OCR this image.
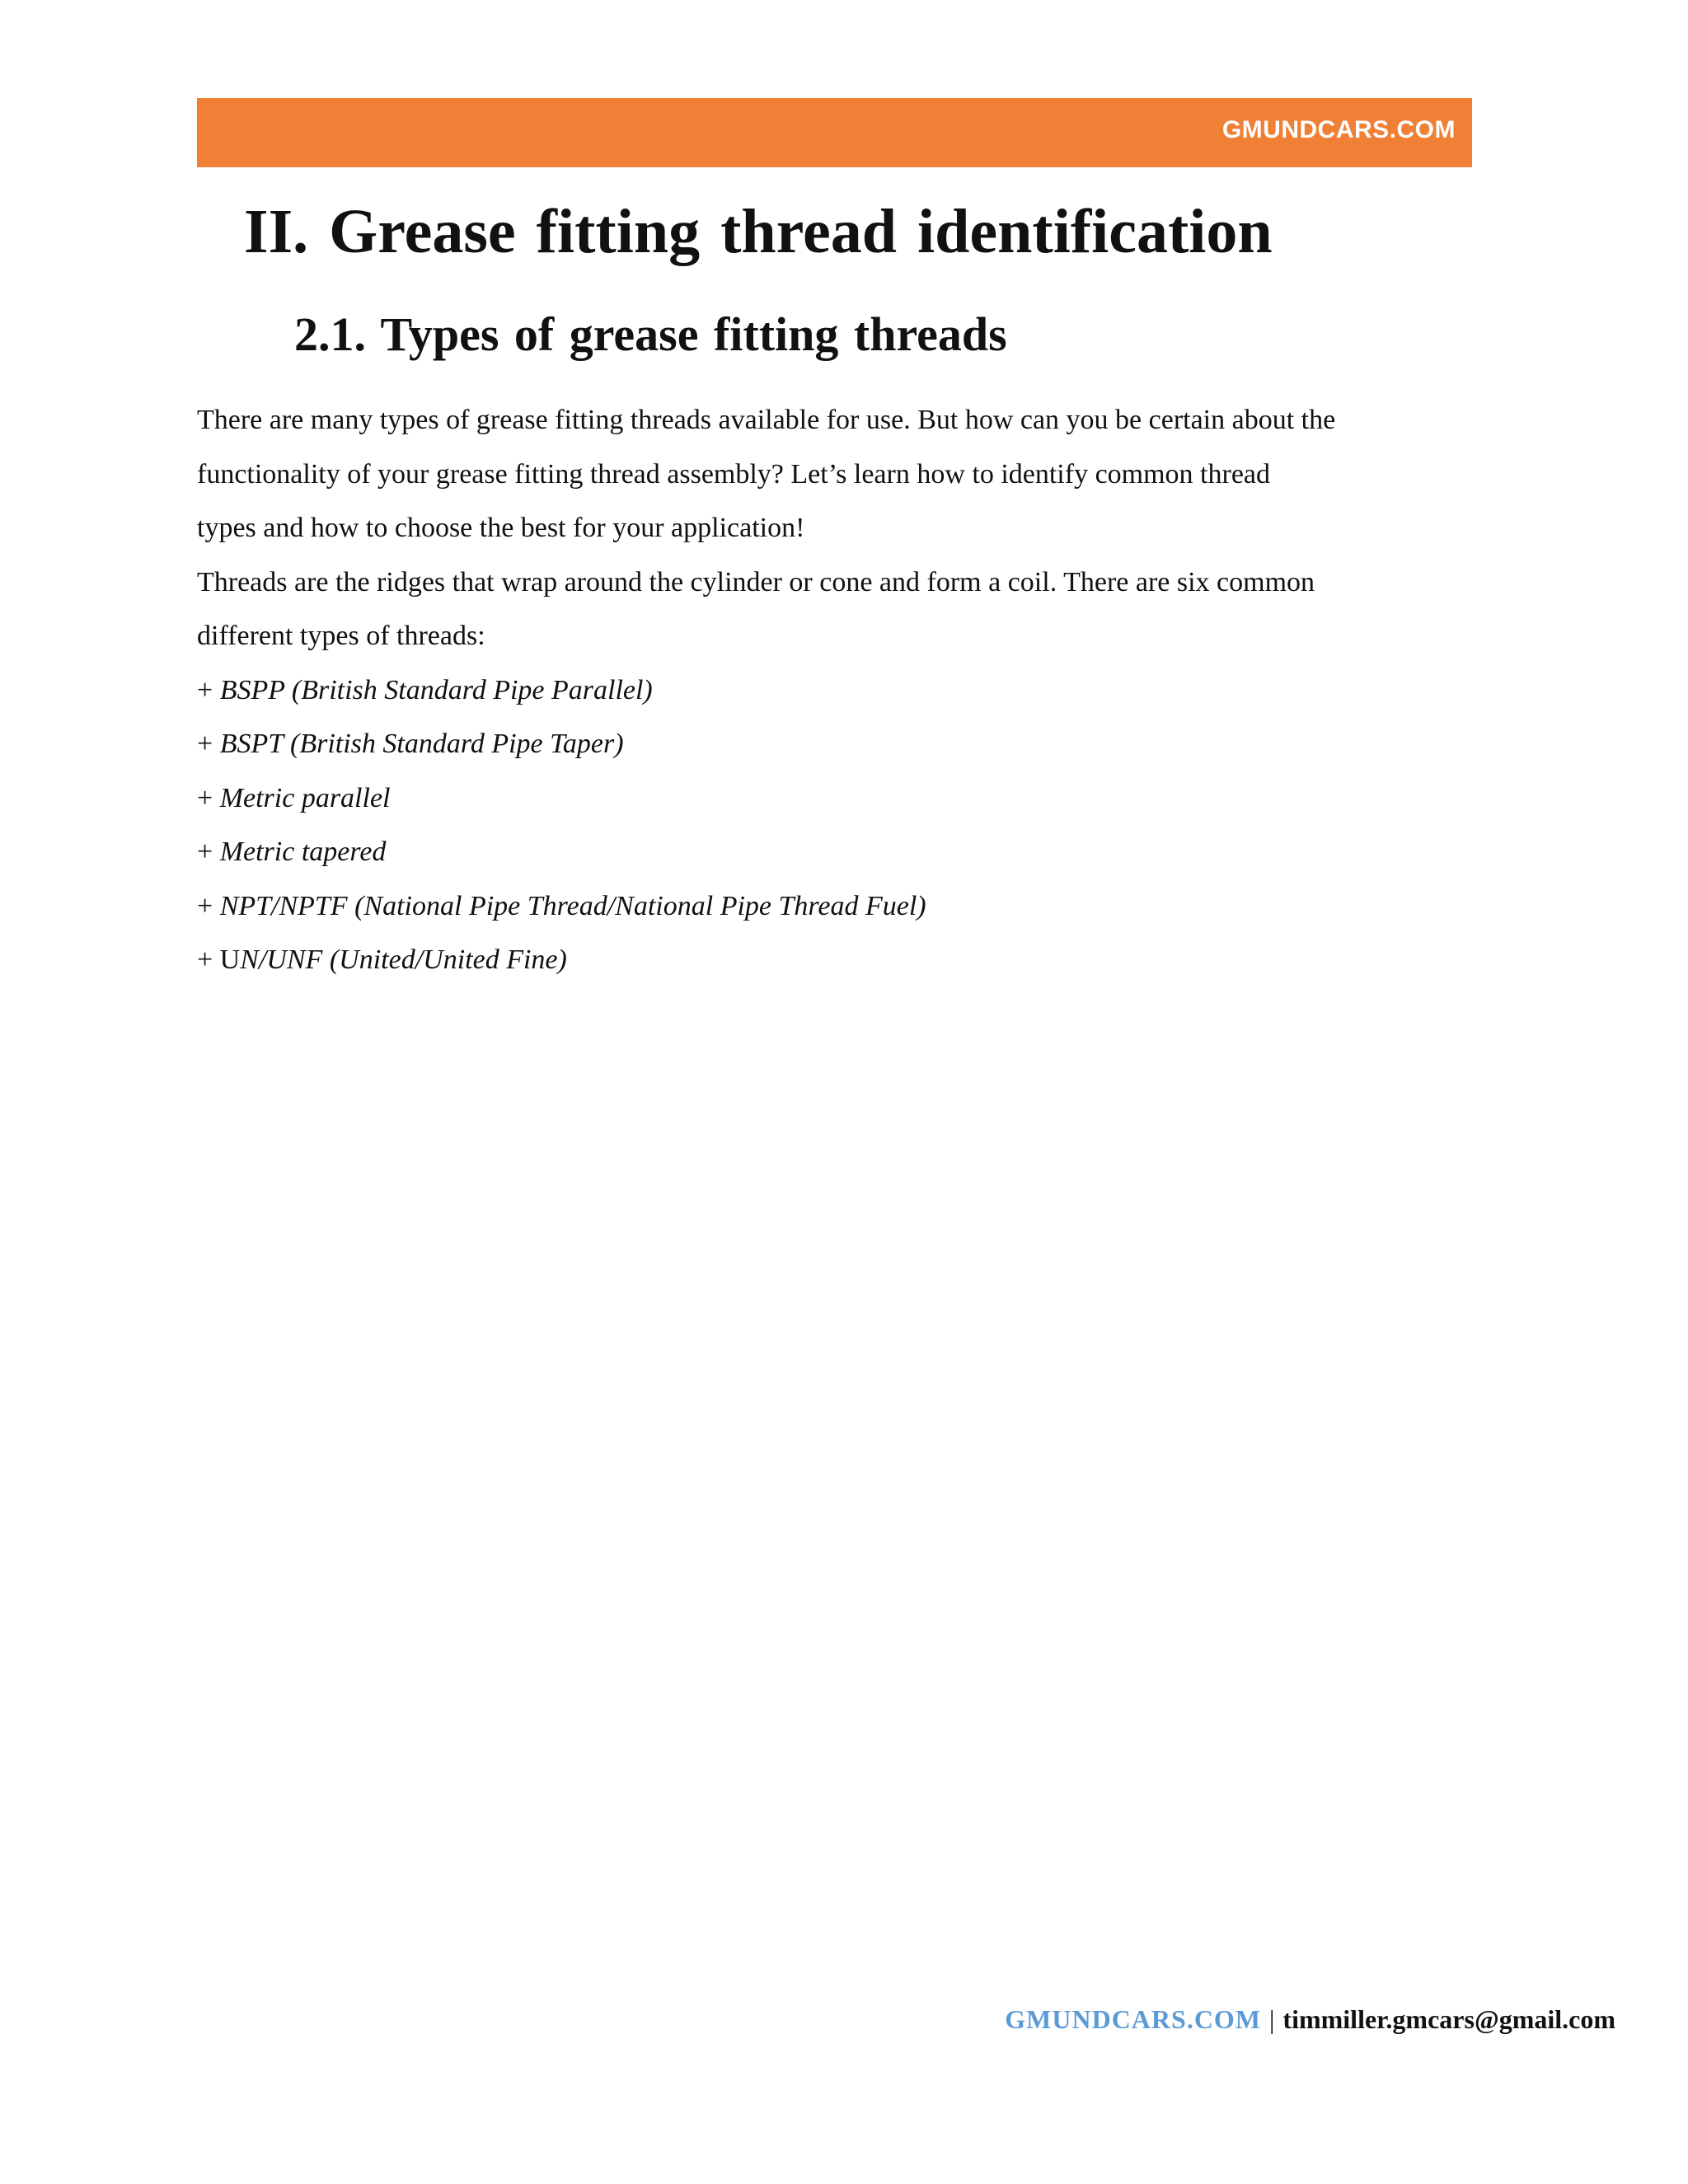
GMUNDCARS.COM
II. Grease fitting thread identification
2.1. Types of grease fitting threads
There are many types of grease fitting threads available for use. But how can you be certain about the
functionality of your grease fitting thread assembly? Let’s learn how to identify common thread
types and how to choose the best for your application!
Threads are the ridges that wrap around the cylinder or cone and form a coil. There are six common
different types of threads:
+ BSPP (British Standard Pipe Parallel)
+ BSPT (British Standard Pipe Taper)
+ Metric parallel
+ Metric tapered
+ NPT/NPTF (National Pipe Thread/National Pipe Thread Fuel)
+ UN/UNF (United/United Fine)
GMUNDCARS.COM | timmiller.gmcars@gmail.com
